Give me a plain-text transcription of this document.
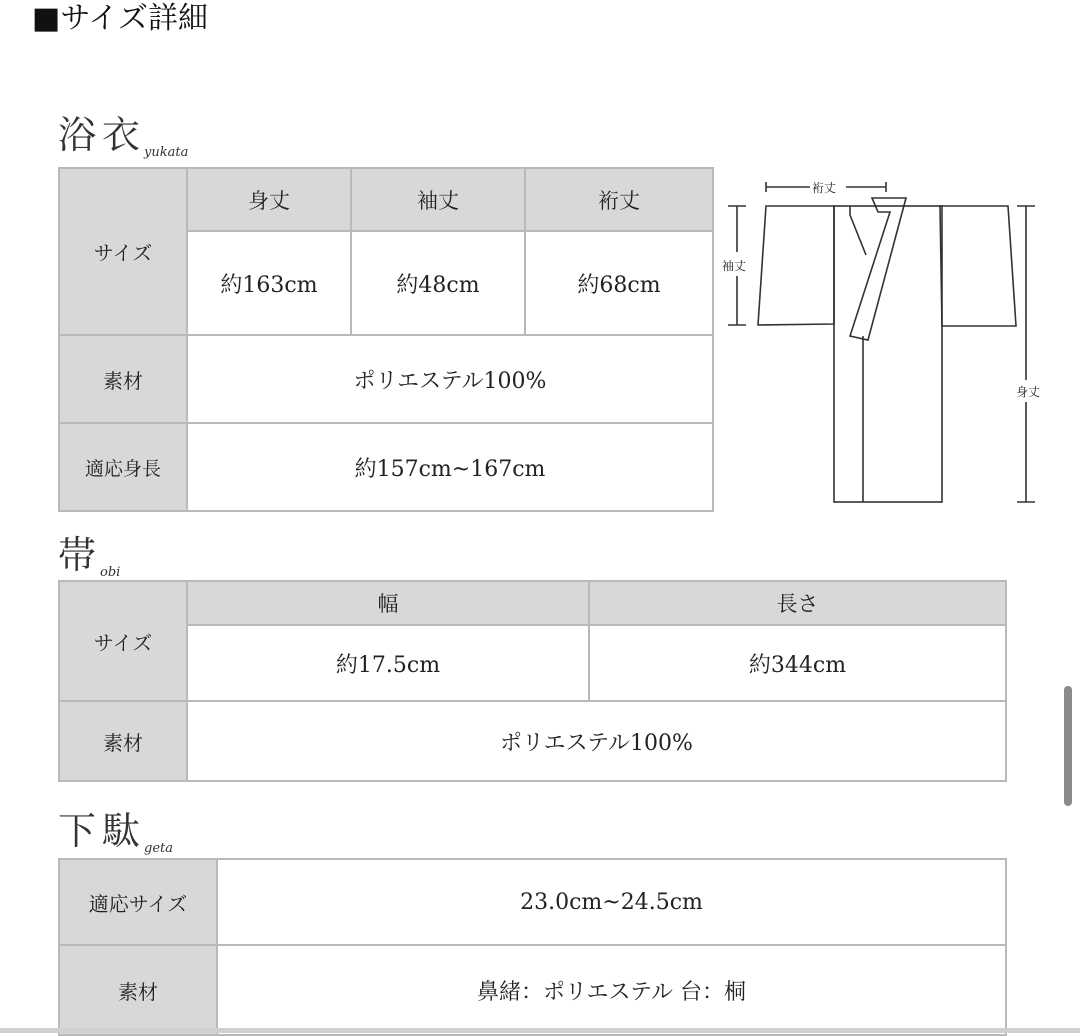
■サイズ詳細
浴衣$_{yukata}$
サイズ	身丈	袖丈	裄丈
	約163cm	約48cm	約68cm
素材	ポリエステル100%		
適応身長	約157cm~167cm		
裄丈
袖丈
身丈
帯$_{obi}$
サイズ	幅	長さ
	約17.5cm	約344cm
素材	ポリエステル100%	
下駄$_{geta}$
適応サイズ	23.0cm~24.5cm
素材	鼻緒：ポリエステル 台：桐
